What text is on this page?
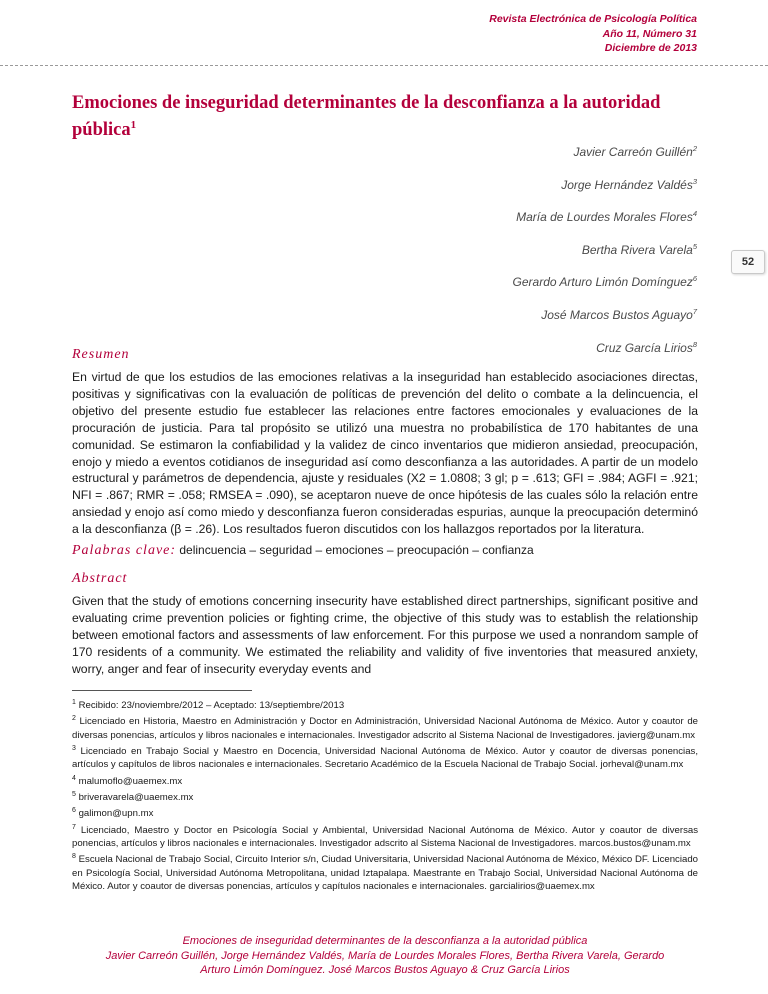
Revista Electrónica de Psicología Política
Año 11, Número 31
Diciembre de 2013
Emociones de inseguridad determinantes de la desconfianza a la autoridad pública$^1$
Javier Carreón Guillén$^2$
Jorge Hernández Valdés$^3$
María de Lourdes Morales Flores$^4$
Bertha Rivera Varela$^5$
Gerardo Arturo Limón Domínguez$^6$
José Marcos Bustos Aguayo$^7$
Cruz García Lirios$^8$
52
Resumen

En virtud de que los estudios de las emociones relativas a la inseguridad han establecido asociaciones directas, positivas y significativas con la evaluación de políticas de prevención del delito o combate a la delincuencia, el objetivo del presente estudio fue establecer las relaciones entre factores emocionales y evaluaciones de la procuración de justicia. Para tal propósito se utilizó una muestra no probabilística de 170 habitantes de una comunidad. Se estimaron la confiabilidad y la validez de cinco inventarios que midieron ansiedad, preocupación, enojo y miedo a eventos cotidianos de inseguridad así como desconfianza a las autoridades. A partir de un modelo estructural y parámetros de dependencia, ajuste y residuales (X2 = 1.0808; 3 gl; p = .613; GFI = .984; AGFI = .921; NFI = .867; RMR = .058; RMSEA = .090), se aceptaron nueve de once hipótesis de las cuales sólo la relación entre ansiedad y enojo así como miedo y desconfianza fueron consideradas espurias, aunque la preocupación determinó a la desconfianza (β = .26). Los resultados fueron discutidos con los hallazgos reportados por la literatura.

Palabras clave: delincuencia – seguridad – emociones – preocupación – confianza
Abstract

Given that the study of emotions concerning insecurity have established direct partnerships, significant positive and evaluating crime prevention policies or fighting crime, the objective of this study was to establish the relationship between emotional factors and assessments of law enforcement. For this purpose we used a nonrandom sample of 170 residents of a community. We estimated the reliability and validity of five inventories that measured anxiety, worry, anger and fear of insecurity everyday events and

$^1$ Recibido: 23/noviembre/2012 – Aceptado: 13/septiembre/2013

$^2$ Licenciado en Historia, Maestro en Administración y Doctor en Administración, Universidad Nacional Autónoma de México. Autor y coautor de diversas ponencias, artículos y libros nacionales e internacionales. Investigador adscrito al Sistema Nacional de Investigadores. javierg@unam.mx

$^3$ Licenciado en Trabajo Social y Maestro en Docencia, Universidad Nacional Autónoma de México. Autor y coautor de diversas ponencias, artículos y capítulos de libros nacionales e internacionales. Secretario Académico de la Escuela Nacional de Trabajo Social. jorheval@unam.mx

$^4$ malumoflo@uaemex.mx

$^5$ briveravarela@uaemex.mx

$^6$ galimon@upn.mx

$^7$ Licenciado, Maestro y Doctor en Psicología Social y Ambiental, Universidad Nacional Autónoma de México. Autor y coautor de diversas ponencias, artículos y libros nacionales e internacionales. Investigador adscrito al Sistema Nacional de Investigadores. marcos.bustos@unam.mx

$^8$ Escuela Nacional de Trabajo Social, Circuito Interior s/n, Ciudad Universitaria, Universidad Nacional Autónoma de México, México DF. Licenciado en Psicología Social, Universidad Autónoma Metropolitana, unidad Iztapalapa. Maestrante en Trabajo Social, Universidad Nacional Autónoma de México. Autor y coautor de diversas ponencias, artículos y capítulos nacionales e internacionales. garcialirios@uaemex.mx

Emociones de inseguridad determinantes de la desconfianza a la autoridad pública
Javier Carreón Guillén, Jorge Hernández Valdés, María de Lourdes Morales Flores, Bertha Rivera Varela, Gerardo
Arturo Limón Domínguez. José Marcos Bustos Aguayo & Cruz García Lirios
